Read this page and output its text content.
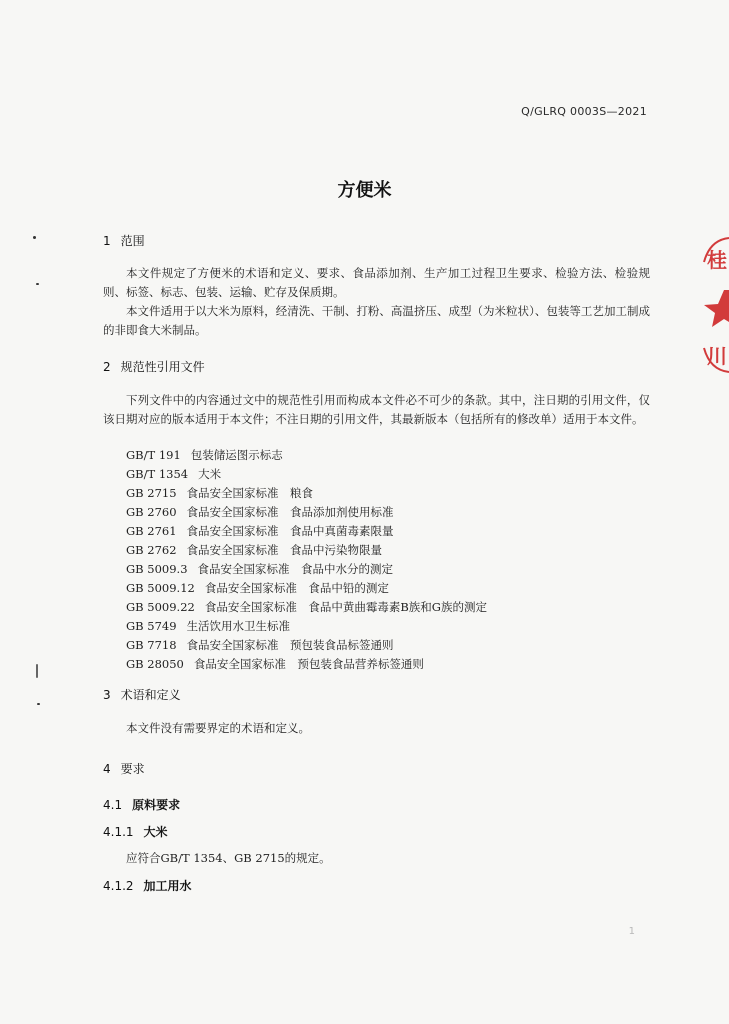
Q/GLRQ 0003S—2021
方便米
1 范围
本文件规定了方便米的术语和定义、要求、食品添加剂、生产加工过程卫生要求、检验方法、检验规则、标签、标志、包装、运输、贮存及保质期。
本文件适用于以大米为原料，经清洗、干制、打粉、高温挤压、成型（为米粒状）、包装等工艺加工制成的非即食大米制品。
2 规范性引用文件
下列文件中的内容通过文中的规范性引用而构成本文件必不可少的条款。其中，注日期的引用文件，仅该日期对应的版本适用于本文件；不注日期的引用文件，其最新版本（包括所有的修改单）适用于本文件。
GB/T 191 包装储运图示标志
GB/T 1354 大米
GB 2715 食品安全国家标准　粮食
GB 2760 食品安全国家标准　食品添加剂使用标准
GB 2761 食品安全国家标准　食品中真菌毒素限量
GB 2762 食品安全国家标准　食品中污染物限量
GB 5009.3 食品安全国家标准　食品中水分的测定
GB 5009.12 食品安全国家标准　食品中铅的测定
GB 5009.22 食品安全国家标准　食品中黄曲霉毒素B族和G族的测定
GB 5749 生活饮用水卫生标准
GB 7718 食品安全国家标准　预包装食品标签通则
GB 28050 食品安全国家标准　预包装食品营养标签通则
3 术语和定义
本文件没有需要界定的术语和定义。
4 要求
4.1 原料要求
4.1.1 大米
应符合GB/T 1354、GB 2715的规定。
4.1.2 加工用水
1
桂
川
